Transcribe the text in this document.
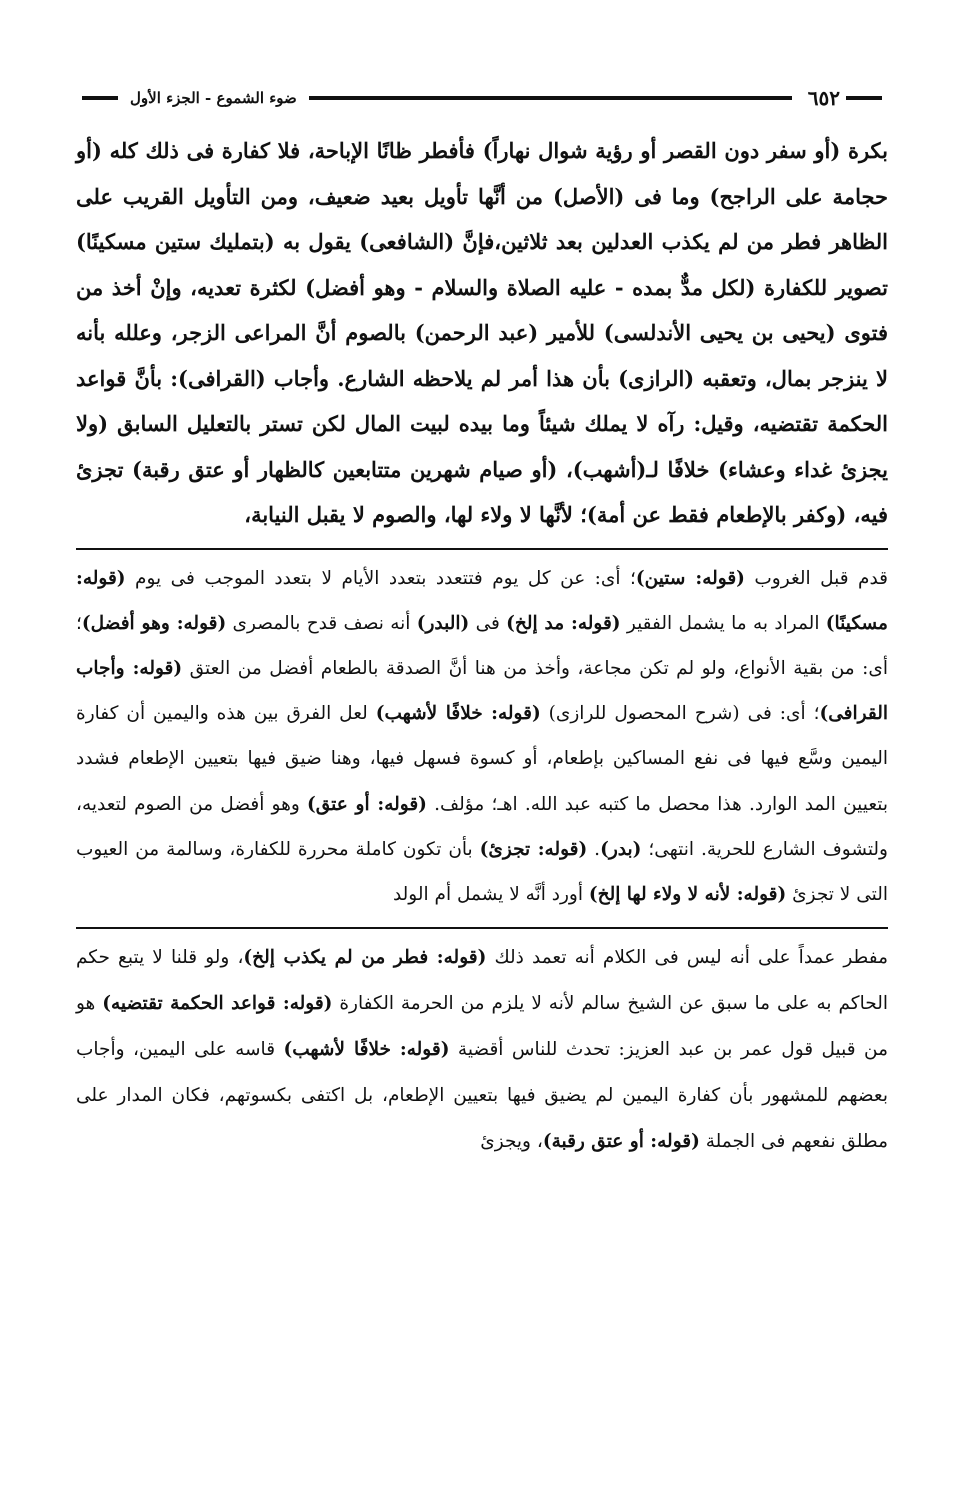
٦٥٢
ضوء الشموع - الجزء الأول

بكرة (أو سفر دون القصر أو رؤية شوال نهاراً) فأفطر ظانًا الإباحة، فلا كفارة فى ذلك كله (أو حجامة على الراجح) وما فى (الأصل) من أنَّها تأويل بعيد ضعيف، ومن التأويل القريب على الظاهر فطر من لم يكذب العدلين بعد ثلاثين،فإنَّ (الشافعى) يقول به (بتمليك ستين مسكينًا) تصوير للكفارة (لكل مدٌّ بمده - عليه الصلاة والسلام - وهو أفضل) لكثرة تعديه، وإنْ أخذ من فتوى (يحيى بن يحيى الأندلسى) للأمير (عبد الرحمن) بالصوم أنَّ المراعى الزجر، وعلله بأنه لا ينزجر بمال، وتعقبه (الرازى) بأن هذا أمر لم يلاحظه الشارع. وأجاب (القرافى): بأنَّ قواعد الحكمة تقتضيه، وقيل: رآه لا يملك شيئاً وما بيده لبيت المال لكن تستر بالتعليل السابق (ولا يجزئ غداء وعشاء) خلافًا لـ(أشهب)، (أو صيام شهرين متتابعين كالظهار أو عتق رقبة) تجزئ فيه، (وكفر بالإطعام فقط عن أمة)؛ لأنَّها لا ولاء لها، والصوم لا يقبل النيابة،

قدم قبل الغروب (قوله: ستين)؛ أى: عن كل يوم فتتعدد بتعدد الأيام لا بتعدد الموجب فى يوم (قوله: مسكينًا) المراد به ما يشمل الفقير (قوله: مد إلخ) فى (البدر) أنه نصف قدح بالمصرى (قوله: وهو أفضل)؛ أى: من بقية الأنواع، ولو لم تكن مجاعة، وأخذ من هنا أنَّ الصدقة بالطعام أفضل من العتق (قوله: وأجاب القرافى)؛ أى: فى (شرح المحصول للرازى) (قوله: خلافًا لأشهب) لعل الفرق بين هذه واليمين أن كفارة اليمين وسَّع فيها فى نفع المساكين بإطعام، أو كسوة فسهل فيها، وهنا ضيق فيها بتعيين الإطعام فشدد بتعيين المد الوارد. هذا محصل ما كتبه عبد الله. اهـ؛ مؤلف. (قوله: أو عتق) وهو أفضل من الصوم لتعديه، ولتشوف الشارع للحرية. انتهى؛ (بدر). (قوله: تجزئ) بأن تكون كاملة محررة للكفارة، وسالمة من العيوب التى لا تجزئ (قوله: لأنه لا ولاء لها إلخ) أورد أنَّه لا يشمل أم الولد

مفطر عمداً على أنه ليس فى الكلام أنه تعمد ذلك (قوله: فطر من لم يكذب إلخ)، ولو قلنا لا يتبع حكم الحاكم به على ما سبق عن الشيخ سالم لأنه لا يلزم من الحرمة الكفارة (قوله: قواعد الحكمة تقتضيه) هو من قبيل قول عمر بن عبد العزيز: تحدث للناس أقضية (قوله: خلافًا لأشهب) قاسه على اليمين، وأجاب بعضهم للمشهور بأن كفارة اليمين لم يضيق فيها بتعيين الإطعام، بل اكتفى بكسوتهم، فكان المدار على مطلق نفعهم فى الجملة (قوله: أو عتق رقبة)، ويجزئ
